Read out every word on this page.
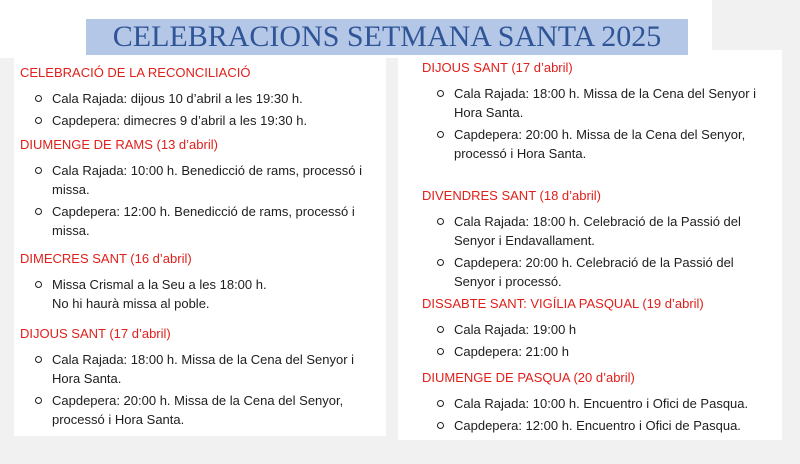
CELEBRACIONS SETMANA SANTA 2025
CELEBRACIÓ DE LA RECONCILIACIÓ
Cala Rajada: dijous 10 d’abril a les 19:30 h.
Capdepera: dimecres 9 d’abril a les 19:30 h.
DIUMENGE DE RAMS (13 d’abril)
Cala Rajada: 10:00 h. Benedicció de rams, processó i
missa.
Capdepera: 12:00 h. Benedicció de rams, processó i
missa.
DIMECRES SANT (16 d’abril)
Missa Crismal a la Seu a les 18:00 h.
No hi haurà missa al poble.
DIJOUS SANT (17 d’abril)
Cala Rajada: 18:00 h. Missa de la Cena del Senyor i
Hora Santa.
Capdepera: 20:00 h. Missa de la Cena del Senyor,
processó i Hora Santa.
DIJOUS SANT (17 d’abril)
Cala Rajada: 18:00 h. Missa de la Cena del Senyor i
Hora Santa.
Capdepera: 20:00 h. Missa de la Cena del Senyor,
processó i Hora Santa.
DIVENDRES SANT (18 d’abril)
Cala Rajada: 18:00 h. Celebració de la Passió del
Senyor i Endavallament.
Capdepera: 20:00 h. Celebració de la Passió del
Senyor i processó.
DISSABTE SANT: VIGÍLIA PASQUAL (19 d’abril)
Cala Rajada: 19:00 h
Capdepera: 21:00 h
DIUMENGE DE PASQUA (20 d’abril)
Cala Rajada: 10:00 h. Encuentro i Ofici de Pasqua.
Capdepera: 12:00 h. Encuentro i Ofici de Pasqua.
